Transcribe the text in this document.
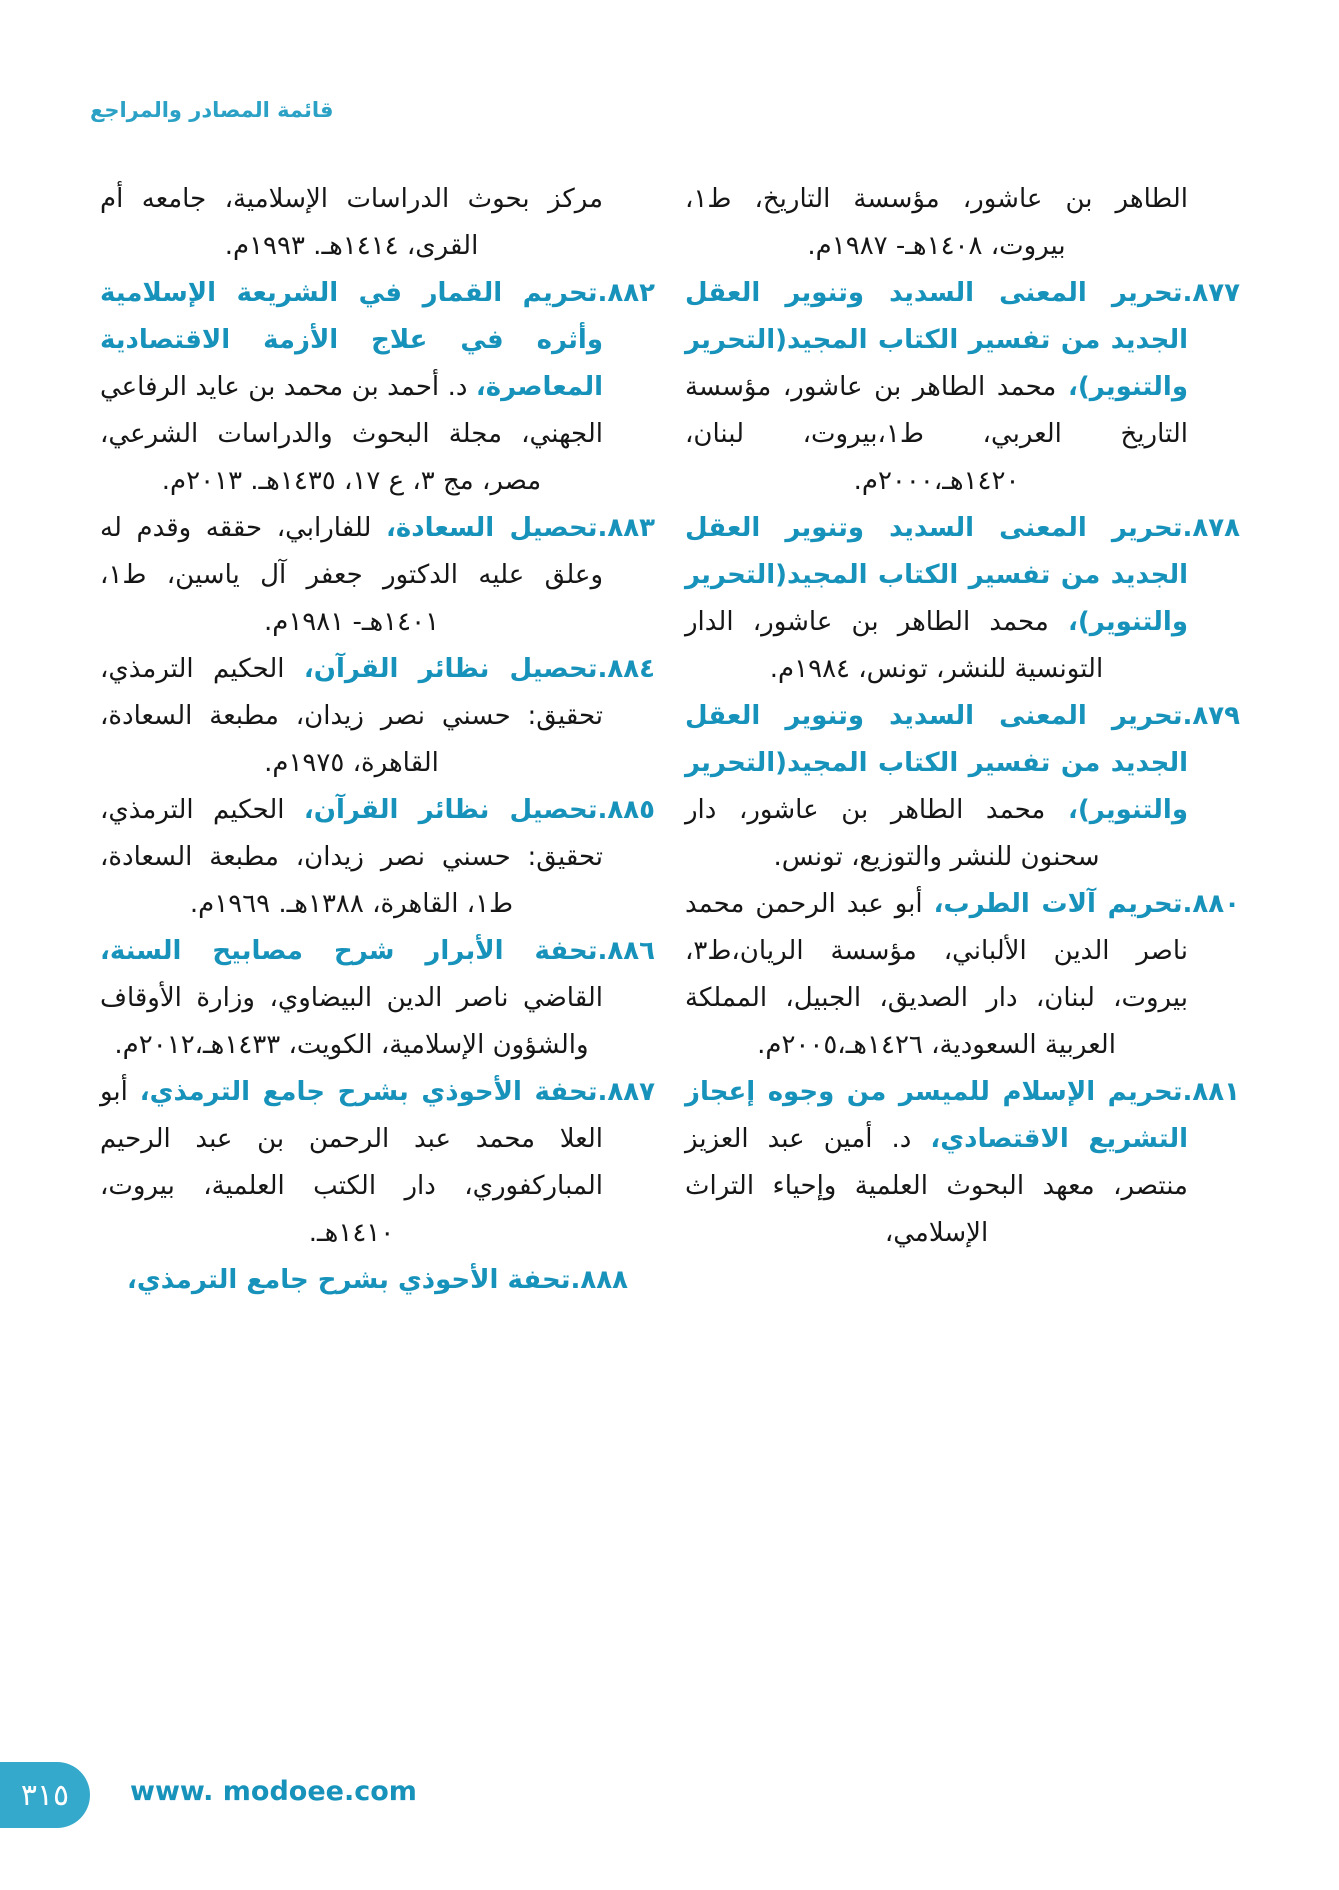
قائمة المصادر والمراجع

الطاهر بن عاشور، مؤسسة التاريخ، ط١، بيروت، ١٤٠٨هـ- ١٩٨٧م.

٨٧٧.تحرير المعنى السديد وتنوير العقل الجديد من تفسير الكتاب المجيد(التحرير والتنوير)، محمد الطاهر بن عاشور، مؤسسة التاريخ العربي، ط١،بيروت، لبنان، ١٤٢٠هـ،٢٠٠٠م.

٨٧٨.تحرير المعنى السديد وتنوير العقل الجديد من تفسير الكتاب المجيد(التحرير والتنوير)، محمد الطاهر بن عاشور، الدار التونسية للنشر، تونس، ١٩٨٤م.

٨٧٩.تحرير المعنى السديد وتنوير العقل الجديد من تفسير الكتاب المجيد(التحرير والتنوير)، محمد الطاهر بن عاشور، دار سحنون للنشر والتوزيع، تونس.

٨٨٠.تحريم آلات الطرب، أبو عبد الرحمن محمد ناصر الدين الألباني، مؤسسة الريان،ط٣، بيروت، لبنان، دار الصديق، الجبيل، المملكة العربية السعودية، ١٤٢٦هـ،٢٠٠٥م.

٨٨١.تحريم الإسلام للميسر من وجوه إعجاز التشريع الاقتصادي، د. أمين عبد العزيز منتصر، معهد البحوث العلمية وإحياء التراث الإسلامي،

مركز بحوث الدراسات الإسلامية، جامعه أم القرى، ١٤١٤هـ. ١٩٩٣م.

٨٨٢.تحريم القمار في الشريعة الإسلامية وأثره في علاج الأزمة الاقتصادية المعاصرة، د. أحمد بن محمد بن عايد الرفاعي الجهني، مجلة البحوث والدراسات الشرعي، مصر، مج ٣، ع ١٧، ١٤٣٥هـ. ٢٠١٣م.

٨٨٣.تحصيل السعادة، للفارابي، حققه وقدم له وعلق عليه الدكتور جعفر آل ياسين، ط١، ١٤٠١هـ- ١٩٨١م.

٨٨٤.تحصيل نظائر القرآن، الحكيم الترمذي، تحقيق: حسني نصر زيدان، مطبعة السعادة، القاهرة، ١٩٧٥م.

٨٨٥.تحصيل نظائر القرآن، الحكيم الترمذي، تحقيق: حسني نصر زيدان، مطبعة السعادة، ط١، القاهرة، ١٣٨٨هـ. ١٩٦٩م.

٨٨٦.تحفة الأبرار شرح مصابيح السنة، القاضي ناصر الدين البيضاوي، وزارة الأوقاف والشؤون الإسلامية، الكويت، ١٤٣٣هـ،٢٠١٢م.

٨٨٧.تحفة الأحوذي بشرح جامع الترمذي، أبو العلا محمد عبد الرحمن بن عبد الرحيم المباركفوري، دار الكتب العلمية، بيروت، ١٤١٠هـ.

٨٨٨.تحفة الأحوذي بشرح جامع الترمذي،

٣١٥ www. modoee.com
